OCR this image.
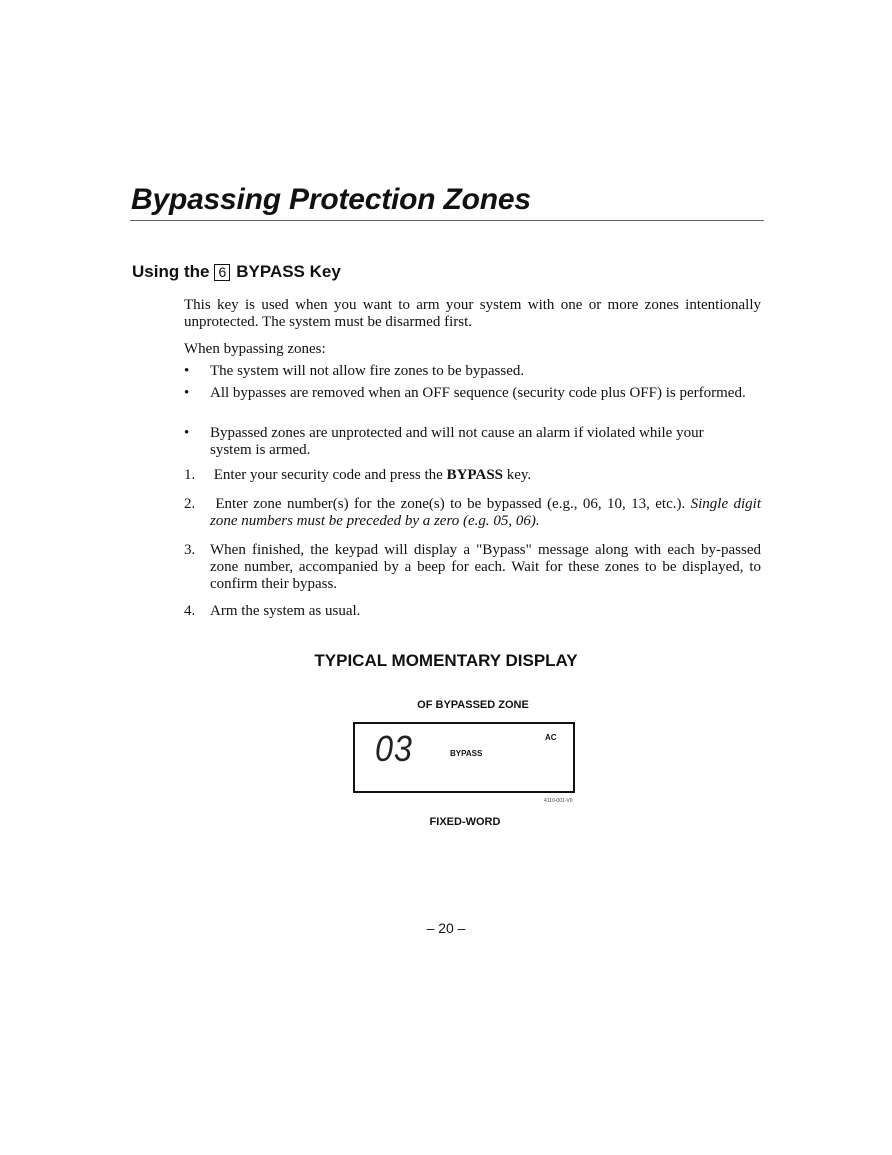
Bypassing Protection Zones
Using the 6 BYPASS Key

This key is used when you want to arm your system with one or more zones intentionally unprotected. The system must be disarmed first.

When bypassing zones:
•	The system will not allow fire zones to be bypassed.
•	All bypasses are removed when an OFF sequence (security code plus OFF) is performed.
•	Bypassed zones are unprotected and will not cause an alarm if violated while your system is armed.
1.	Enter your security code and press the BYPASS key.
2.	Enter zone number(s) for the zone(s) to be bypassed (e.g., 06, 10, 13, etc.). Single digit zone numbers must be preceded by a zero (e.g. 05, 06).
3. When finished, the keypad will display a "Bypass" message along with each by-passed zone number, accompanied by a beep for each. Wait for these zones to be displayed, to confirm their bypass.
4. Arm the system as usual.
TYPICAL MOMENTARY DISPLAY
OF BYPASSED ZONE
03	BYPASS
AC
4110-001-V0
FIXED-WORD
– 20 –
